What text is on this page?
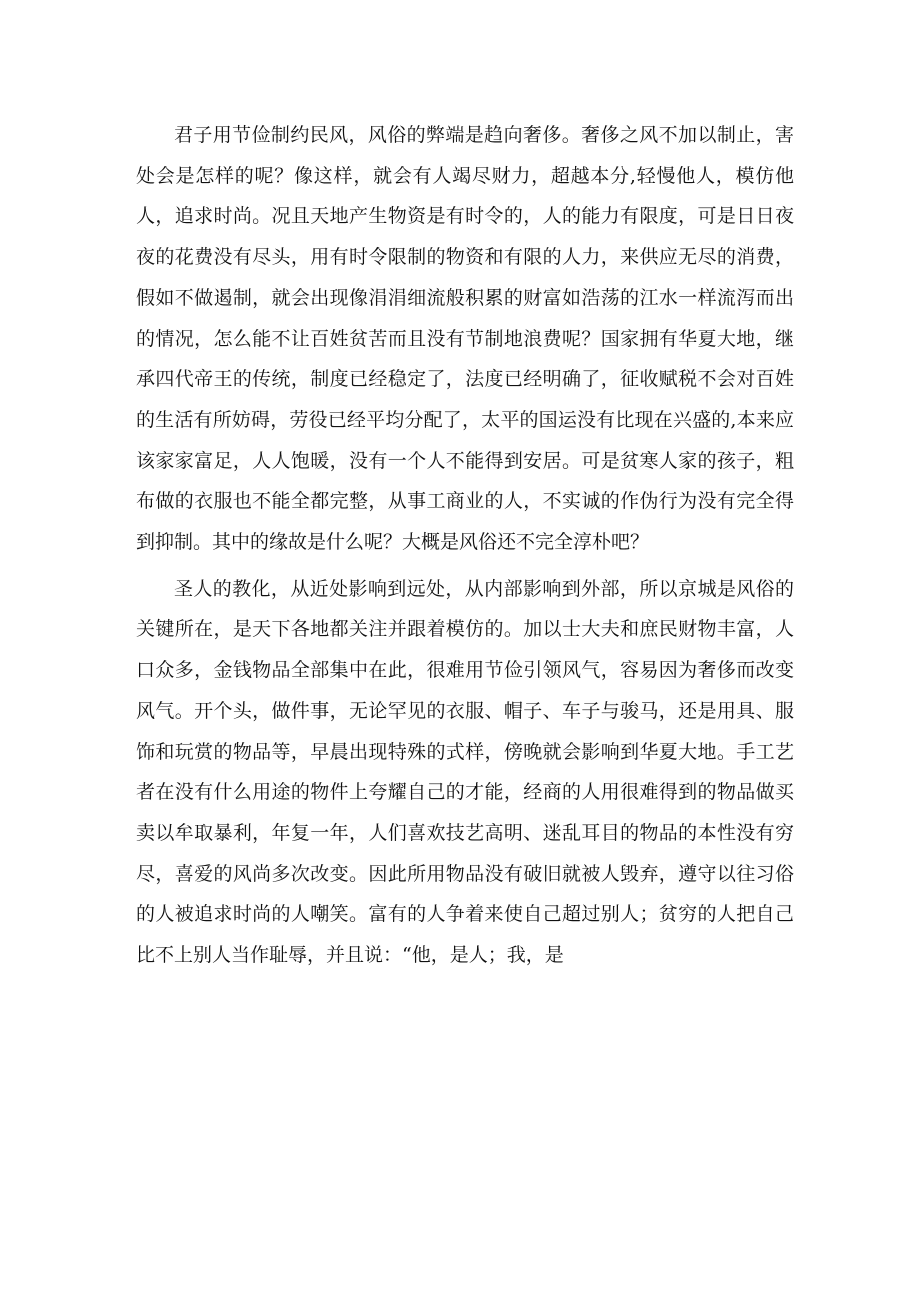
君子用节俭制约民风，风俗的弊端是趋向奢侈。奢侈之风不加以制止，害处会是怎样的呢？像这样，就会有人竭尽财力，超越本分,轻慢他人，模仿他人，追求时尚。况且天地产生物资是有时令的，人的能力有限度，可是日日夜夜的花费没有尽头，用有时令限制的物资和有限的人力，来供应无尽的消费，假如不做遏制，就会出现像涓涓细流般积累的财富如浩荡的江水一样流泻而出的情况，怎么能不让百姓贫苦而且没有节制地浪费呢？国家拥有华夏大地，继承四代帝王的传统，制度已经稳定了，法度已经明确了，征收赋税不会对百姓的生活有所妨碍，劳役已经平均分配了，太平的国运没有比现在兴盛的,本来应该家家富足，人人饱暖，没有一个人不能得到安居。可是贫寒人家的孩子，粗布做的衣服也不能全都完整，从事工商业的人，不实诚的作伪行为没有完全得到抑制。其中的缘故是什么呢？大概是风俗还不完全淳朴吧？

圣人的教化，从近处影响到远处，从内部影响到外部，所以京城是风俗的关键所在，是天下各地都关注并跟着模仿的。加以士大夫和庶民财物丰富，人口众多，金钱物品全部集中在此，很难用节俭引领风气，容易因为奢侈而改变风气。开个头，做件事，无论罕见的衣服、帽子、车子与骏马，还是用具、服饰和玩赏的物品等，早晨出现特殊的式样，傍晚就会影响到华夏大地。手工艺者在没有什么用途的物件上夸耀自己的才能，经商的人用很难得到的物品做买卖以牟取暴利，年复一年，人们喜欢技艺高明、迷乱耳目的物品的本性没有穷尽，喜爱的风尚多次改变。因此所用物品没有破旧就被人毁弃，遵守以往习俗的人被追求时尚的人嘲笑。富有的人争着来使自己超过别人；贫穷的人把自己比不上别人当作耻辱，并且说：“他，是人；我，是
